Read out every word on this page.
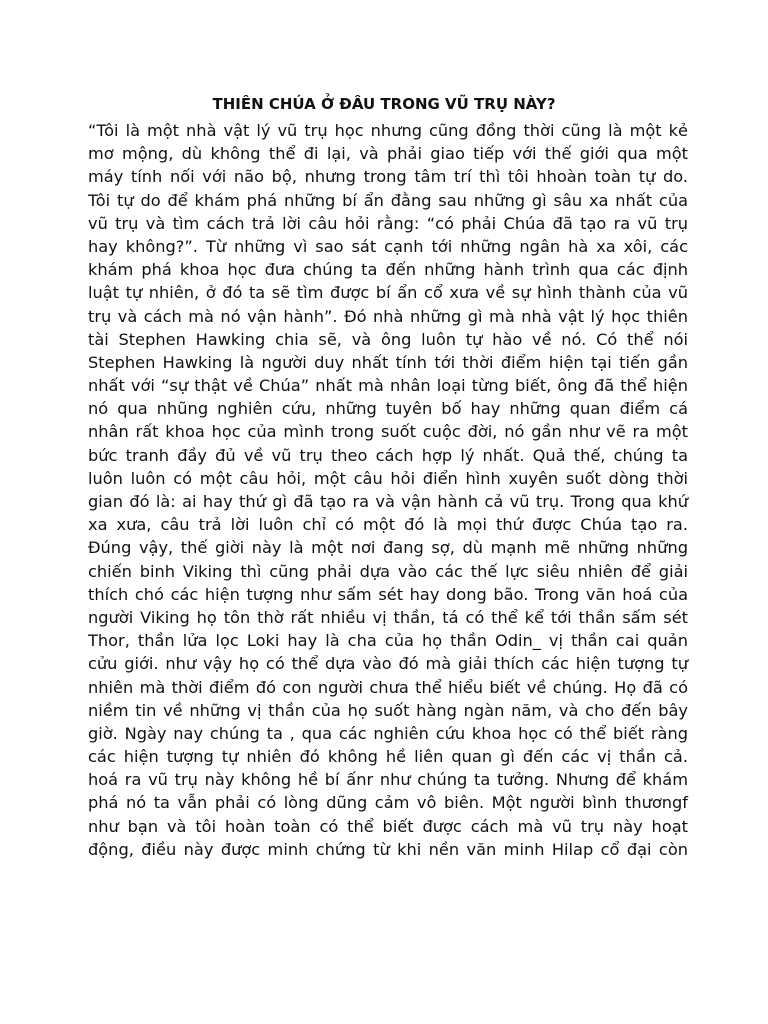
THIÊN CHÚA Ở ĐÂU TRONG VŨ TRỤ NÀY?
“Tôi là một nhà vật lý vũ trụ học nhưng cũng đồng thời cũng là một kẻ
mơ mộng, dù không thể đi lại, và phải giao tiếp với thế giới qua một
máy tính nối với não bộ, nhưng trong tâm trí thì tôi hhoàn toàn tự do.
Tôi tự do để khám phá những bí ẩn đằng sau những gì sâu xa nhất của
vũ trụ và tìm cách trả lời câu hỏi rằng: “có phải Chúa đã tạo ra vũ trụ
hay không?”. Từ những vì sao sát cạnh tới những ngân hà xa xôi, các
khám phá khoa học đưa chúng ta đến những hành trình qua các định
luật tự nhiên, ở đó ta sẽ tìm được bí ẩn cổ xưa về sự hình thành của vũ
trụ và cách mà nó vận hành”. Đó nhà những gì mà nhà vật lý học thiên
tài Stephen Hawking chia sẽ, và ông luôn tự hào về nó. Có thể nói
Stephen Hawking là người duy nhất tính tới thời điểm hiện tại tiến gần
nhất với “sự thật về Chúa” nhất mà nhân loại từng biết, ông đã thể hiện
nó qua nhũng nghiên cứu, những tuyên bố hay những quan điểm cá
nhân rất khoa học của mình trong suốt cuộc đời, nó gần như vẽ ra một
bức tranh đầy đủ về vũ trụ theo cách hợp lý nhất. Quả thế, chúng ta
luôn luôn có một câu hỏi, một câu hỏi điển hình xuyên suốt dòng thời
gian đó là: ai hay thứ gì đã tạo ra và vận hành cả vũ trụ. Trong qua khứ
xa xưa, câu trả lời luôn chỉ có một đó là mọi thứ được Chúa tạo ra.
Đúng vậy, thế giời này là một nơi đang sợ, dù mạnh mẽ những những
chiến binh Viking thì cũng phải dựa vào các thế lực siêu nhiên để giải
thích chó các hiện tượng như sấm sét hay dong bão. Trong văn hoá của
người Viking họ tôn thờ rất nhiều vị thần, tá có thể kể tới thần sấm sét
Thor, thần lửa lọc Loki hay là cha của họ thần Odin_ vị thần cai quản
cửu giới. như vậy họ có thể dựa vào đó mà giải thích các hiện tượng tự
nhiên mà thời điểm đó con người chưa thể hiểu biết về chúng. Họ đã có
niềm tin về những vị thần của họ suốt hàng ngàn năm, và cho đến bây
giờ. Ngày nay chúng ta , qua các nghiên cứu khoa học có thể biết ràng
các hiện tượng tự nhiên đó không hề liên quan gì đến các vị thần cả.
hoá ra vũ trụ này không hề bí ấnr như chúng ta tưởng. Nhưng để khám
phá nó ta vẫn phải có lòng dũng cảm vô biên. Một người bình thươngf
như bạn và tôi hoàn toàn có thể biết được cách mà vũ trụ này hoạt
động, điều này được minh chứng từ khi nền văn minh Hilap cổ đại còn
